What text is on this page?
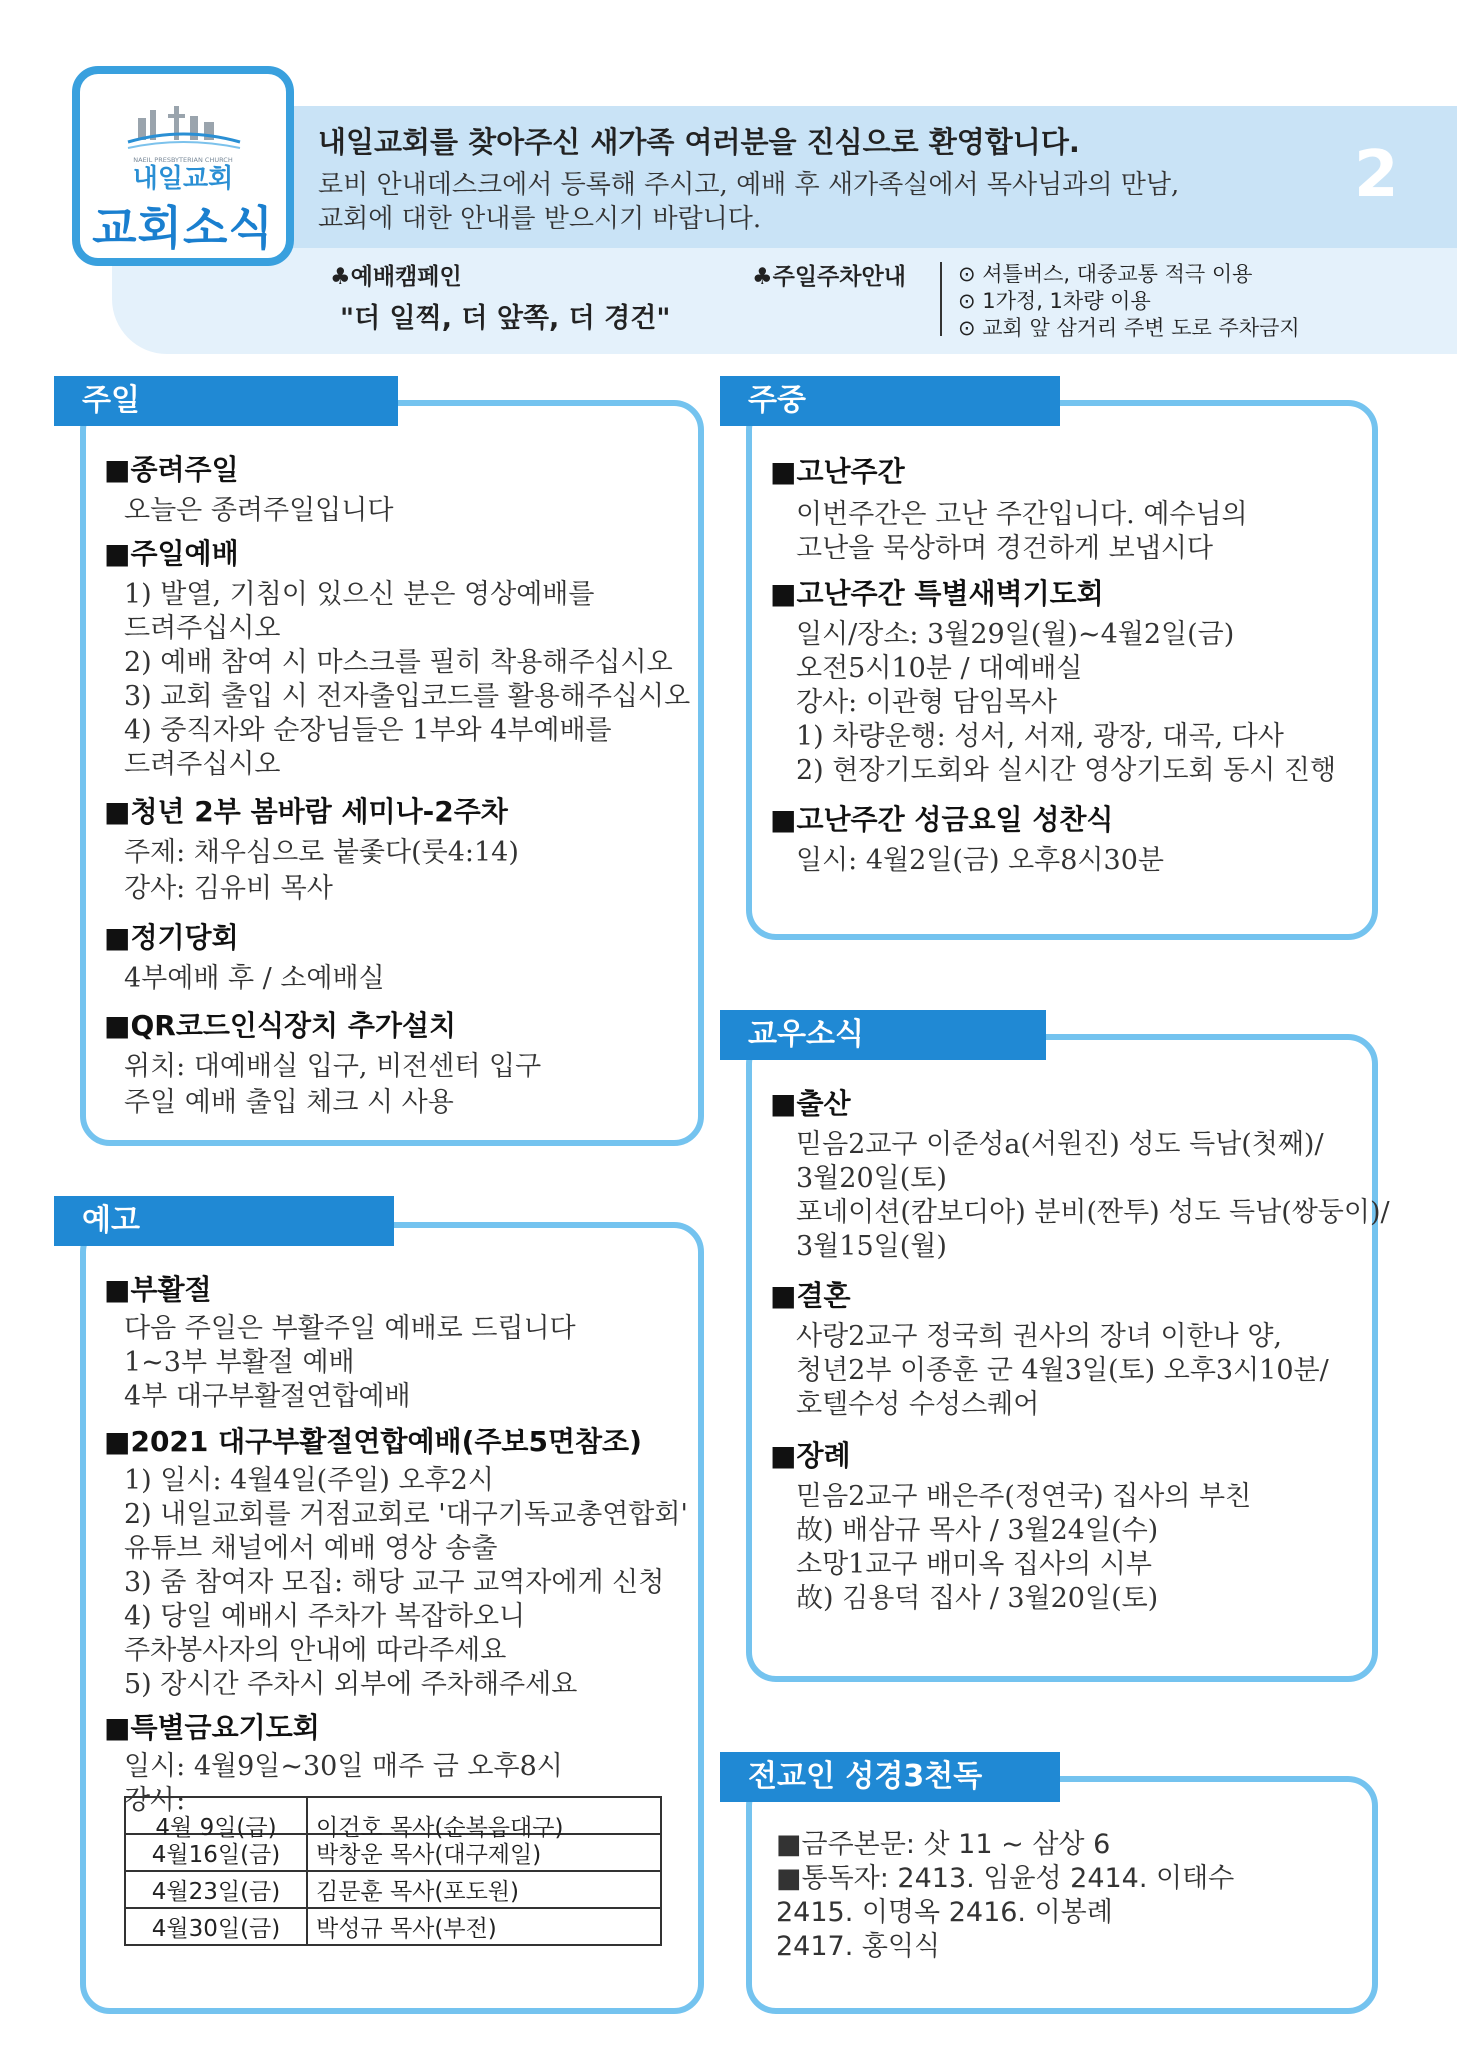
NAEIL PRESBYTERIAN CHURCH
내일교회
교회소식
내일교회를 찾아주신 새가족 여러분을 진심으로 환영합니다.
로비 안내데스크에서 등록해 주시고, 예배 후 새가족실에서 목사님과의 만남,
교회에 대한 안내를 받으시기 바랍니다.
2
♣예배캠페인
"더 일찍, 더 앞쪽, 더 경건"
♣주일주차안내 ⊙ 셔틀버스, 대중교통 적극 이용
⊙ 1가정, 1차량 이용
⊙ 교회 앞 삼거리 주변 도로 주차금지
주일
■종려주일
오늘은 종려주일입니다
■주일예배
1) 발열, 기침이 있으신 분은 영상예배를
드려주십시오
2) 예배 참여 시 마스크를 필히 착용해주십시오
3) 교회 출입 시 전자출입코드를 활용해주십시오
4) 중직자와 순장님들은 1부와 4부예배를
드려주십시오
■청년 2부 봄바람 세미나-2주차
주제: 채우심으로 붙좇다(룻4:14)
강사: 김유비 목사
■정기당회
4부예배 후 / 소예배실
■QR코드인식장치 추가설치
위치: 대예배실 입구, 비전센터 입구
주일 예배 출입 체크 시 사용
주중
■고난주간
이번주간은 고난 주간입니다. 예수님의
고난을 묵상하며 경건하게 보냅시다
■고난주간 특별새벽기도회
일시/장소: 3월29일(월)~4월2일(금)
오전5시10분 / 대예배실
강사: 이관형 담임목사
1) 차량운행: 성서, 서재, 광장, 대곡, 다사
2) 현장기도회와 실시간 영상기도회 동시 진행
■고난주간 성금요일 성찬식
일시: 4월2일(금) 오후8시30분
예고
■부활절
다음 주일은 부활주일 예배로 드립니다
1~3부 부활절 예배
4부 대구부활절연합예배
■2021 대구부활절연합예배(주보5면참조)
1) 일시: 4월4일(주일) 오후2시
2) 내일교회를 거점교회로 '대구기독교총연합회'
유튜브 채널에서 예배 영상 송출
3) 줌 참여자 모집: 해당 교구 교역자에게 신청
4) 당일 예배시 주차가 복잡하오니
주차봉사자의 안내에 따라주세요
5) 장시간 주차시 외부에 주차해주세요
■특별금요기도회
일시: 4월9일~30일 매주 금 오후8시
강사:
4월 9일(금)	이건호 목사(순복음대구)
4월16일(금)	박창운 목사(대구제일)
4월23일(금)	김문훈 목사(포도원)
4월30일(금)	박성규 목사(부전)
교우소식
■출산
믿음2교구 이준성a(서원진) 성도 득남(첫째)/
3월20일(토)
포네이션(캄보디아) 분비(짠투) 성도 득남(쌍둥이)/
3월15일(월)
■결혼
사랑2교구 정국희 권사의 장녀 이한나 양,
청년2부 이종훈 군 4월3일(토) 오후3시10분/
호텔수성 수성스퀘어
■장례
믿음2교구 배은주(정연국) 집사의 부친
故) 배삼규 목사 / 3월24일(수)
소망1교구 배미옥 집사의 시부
故) 김용덕 집사 / 3월20일(토)
전교인 성경3천독
■금주본문: 삿 11 ~ 삼상 6
■통독자: 2413. 임윤성 2414. 이태수
2415. 이명옥 2416. 이봉례
2417. 홍익식
